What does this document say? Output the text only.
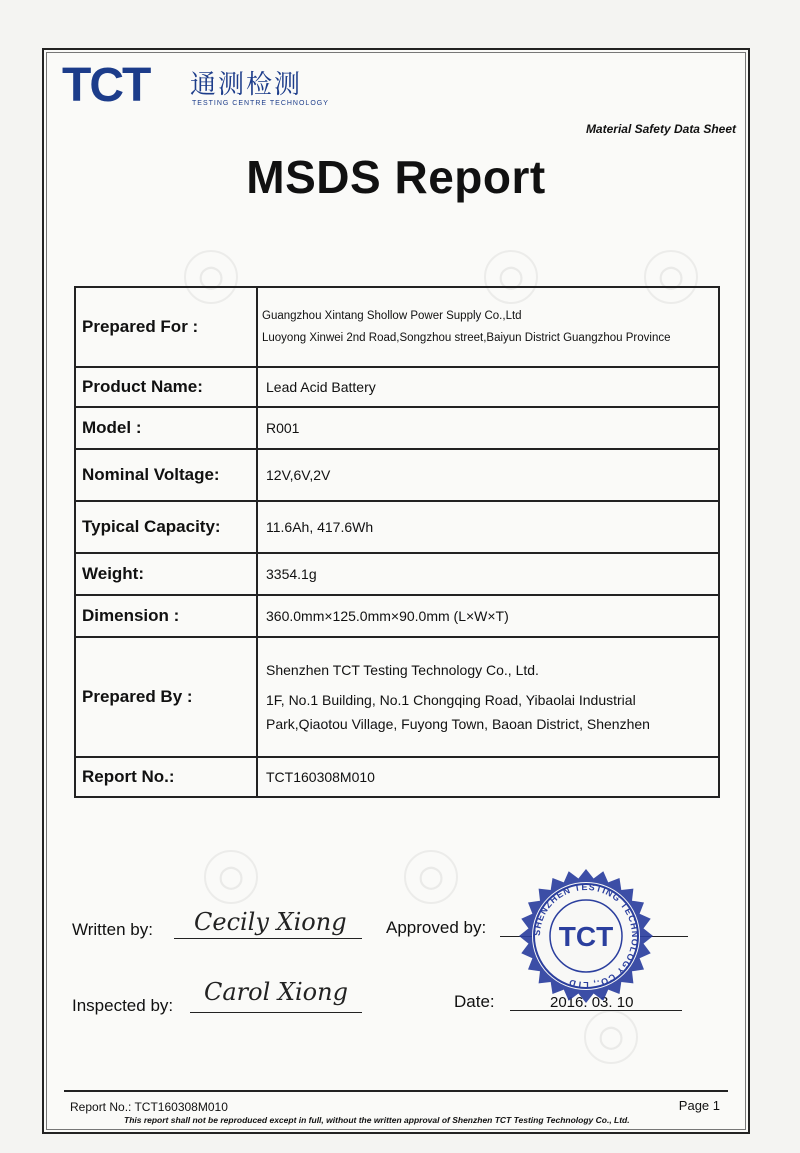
◯	◯	◯
◯	◯
◯
TCT 通测检测
TESTING CENTRE TECHNOLOGY
Material Safety Data Sheet
MSDS Report
Prepared For :	Guangzhou Xintang Shollow Power Supply Co.,Ltd
Luoyong Xinwei 2nd Road,Songzhou street,Baiyun District Guangzhou Province

Product Name:	Lead Acid Battery

Model :	R001

Nominal Voltage:	12V,6V,2V

Typical Capacity:	11.6Ah, 417.6Wh

Weight:	3354.1g

Dimension :	360.0mm×125.0mm×90.0mm (L×W×T)

Prepared By :	Shenzhen TCT Testing Technology Co., Ltd.
1F, No.1 Building, No.1 Chongqing Road, Yibaolai Industrial Park,Qiaotou Village, Fuyong Town, Baoan District, Shenzhen

Report No.:	TCT160308M010
Written by: Cecily Xiong Approved by:
Inspected by: Carol Xiong	Date:	2016. 03. 10
SHENZHEN TESTING TECHNOLOGY CO., LTD
TCT
Report No.: TCT160308M010	Page 1
This report shall not be reproduced except in full, without the written approval of Shenzhen TCT Testing Technology Co., Ltd.
